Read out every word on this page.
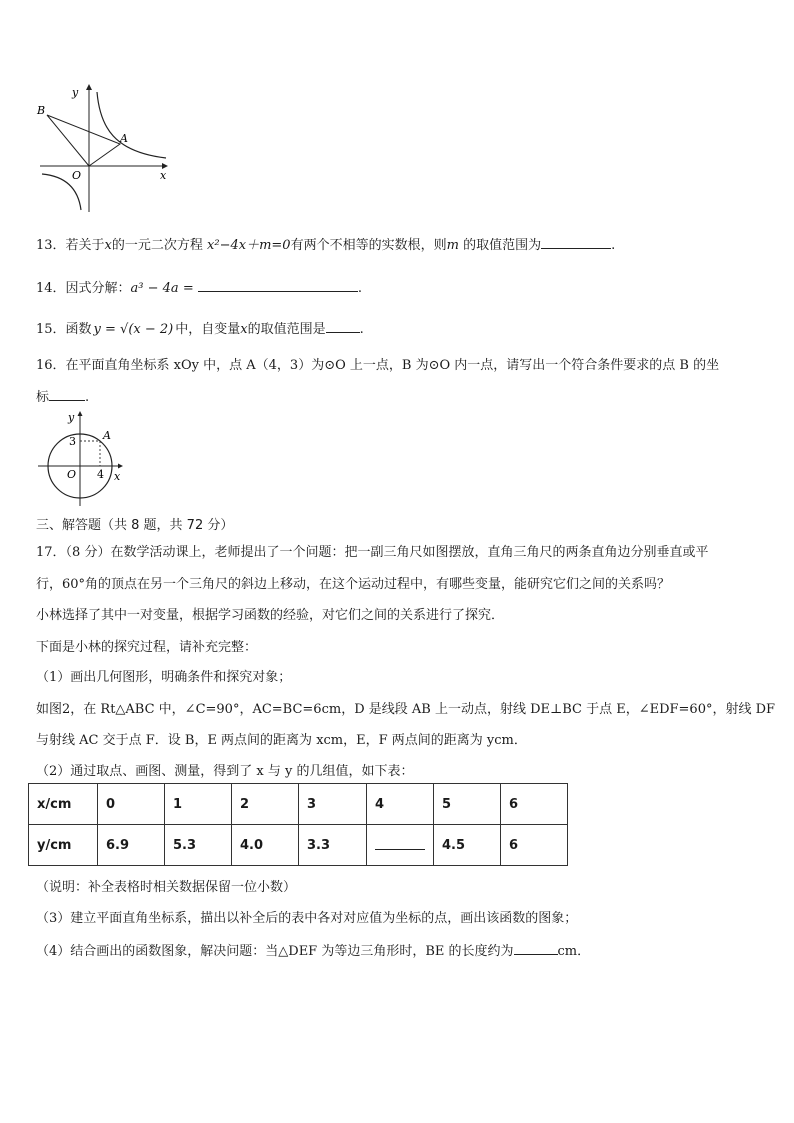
B
y
A
O	x
13．若关于x的一元二次方程 x²−4x＋m=0有两个不相等的实数根，则m 的取值范围为	.
14．因式分解：a³ − 4a =	.
15．函数 y = √(x − 2) 中，自变量x的取值范围是	.
16．在平面直角坐标系 xOy 中，点 A（4，3）为⊙O 上一点，B 为⊙O 内一点，请写出一个符合条件要求的点 B 的坐
标	.
y
3 A
O 4 x
三、解答题（共 8 题，共 72 分）
17．（8 分）在数学活动课上，老师提出了一个问题：把一副三角尺如图摆放，直角三角尺的两条直角边分别垂直或平
行，60°角的顶点在另一个三角尺的斜边上移动，在这个运动过程中，有哪些变量，能研究它们之间的关系吗？
小林选择了其中一对变量，根据学习函数的经验，对它们之间的关系进行了探究．
下面是小林的探究过程，请补充完整：
（1）画出几何图形，明确条件和探究对象；
如图2，在 Rt△ABC 中，∠C=90°，AC=BC=6cm，D 是线段 AB 上一动点，射线 DE⊥BC 于点 E，∠EDF=60°，射线 DF
与射线 AC 交于点 F．设 B，E 两点间的距离为 xcm，E，F 两点间的距离为 ycm．
（2）通过取点、画图、测量，得到了 x 与 y 的几组值，如下表：
x/cm	0	1	2	3	4	5	6
y/cm	6.9	5.3	4.0	3.3		4.5	6
（说明：补全表格时相关数据保留一位小数）
（3）建立平面直角坐标系，描出以补全后的表中各对对应值为坐标的点，画出该函数的图象；
（4）结合画出的函数图象，解决问题：当△DEF 为等边三角形时，BE 的长度约为	cm．
